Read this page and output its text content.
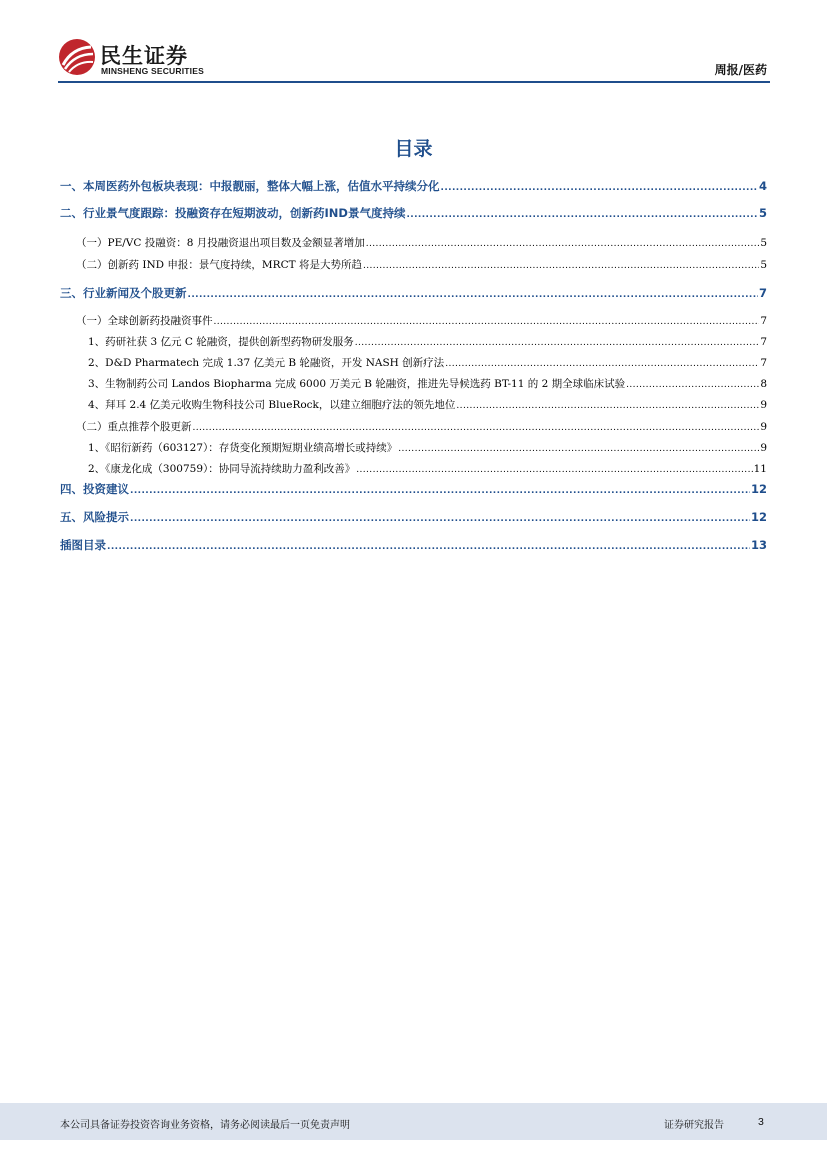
民生证券
MINSHENG SECURITIES	周报/医药
目录
一、本周医药外包板块表现：中报靓丽，整体大幅上涨，估值水平持续分化 .....	4
二、行业景气度跟踪：投融资存在短期波动，创新药IND景气度持续 .....	5
（一）PE/VC 投融资：8 月投融资退出项目数及金额显著增加 .....	5
（二）创新药 IND 申报：景气度持续，MRCT 将是大势所趋 .....	5
三、行业新闻及个股更新 .....	7
（一）全球创新药投融资事件 .....	7
1、药研社获 3 亿元 C 轮融资，提供创新型药物研发服务 .....	7
2、D&D Pharmatech 完成 1.37 亿美元 B 轮融资，开发 NASH 创新疗法 .....	7
3、生物制药公司 Landos Biopharma 完成 6000 万美元 B 轮融资，推进先导候选药 BT-11 的 2 期全球临床试验 .....	8
4、拜耳 2.4 亿美元收购生物科技公司 BlueRock，以建立细胞疗法的领先地位 .....	9
（二）重点推荐个股更新 .....	9
1、《昭衍新药（603127）：存货变化预期短期业绩高增长或持续》 .....	9
2、《康龙化成（300759）：协同导流持续助力盈利改善》 .....	11
四、投资建议 .....	12
五、风险提示 .....	12
插图目录 .....	13
本公司具备证券投资咨询业务资格，请务必阅读最后一页免责声明	证券研究报告	3
